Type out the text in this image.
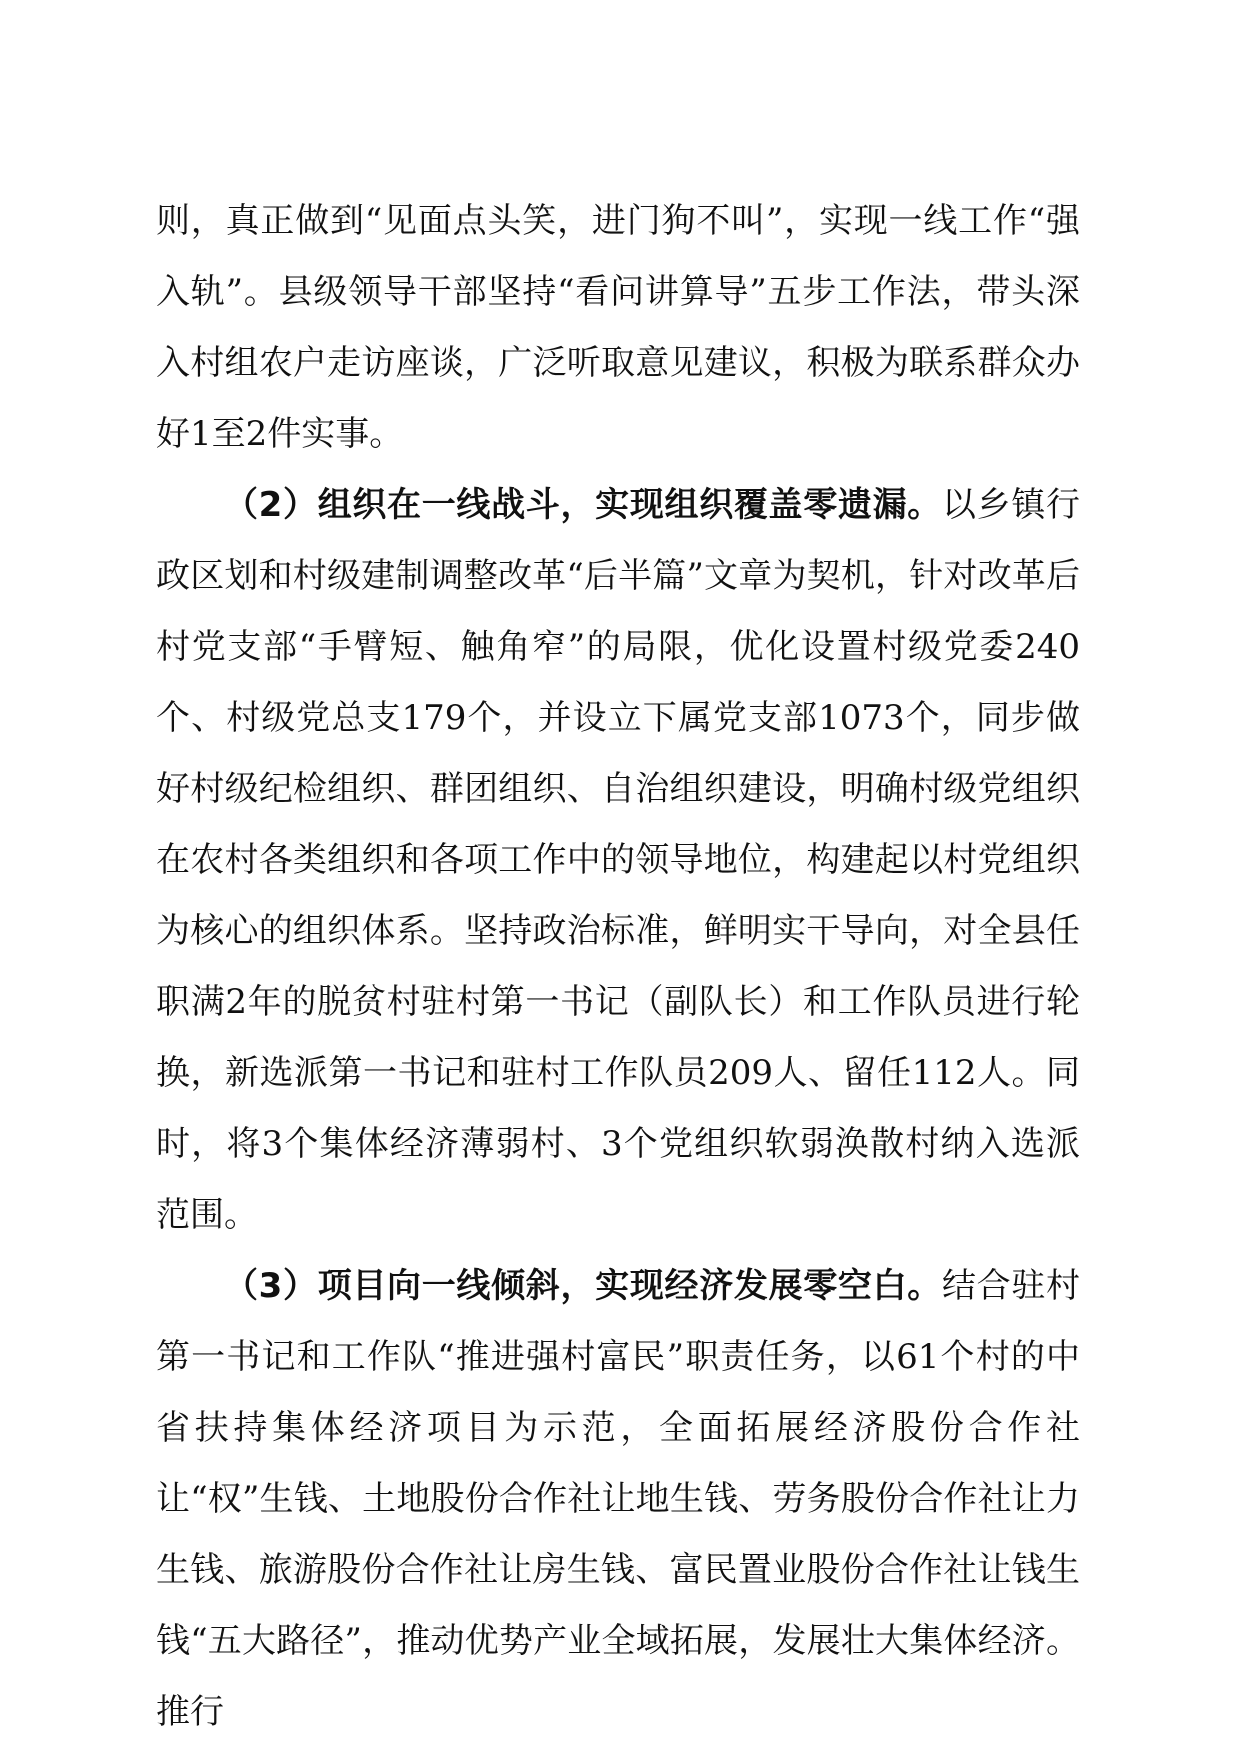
则，真正做到“见面点头笑，进门狗不叫”，实现一线工作“强入轨”。县级领导干部坚持“看问讲算导”五步工作法，带头深入村组农户走访座谈，广泛听取意见建议，积极为联系群众办好1至2件实事。

（2）组织在一线战斗，实现组织覆盖零遗漏。以乡镇行政区划和村级建制调整改革“后半篇”文章为契机，针对改革后村党支部“手臂短、触角窄”的局限，优化设置村级党委240个、村级党总支179个，并设立下属党支部1073个，同步做好村级纪检组织、群团组织、自治组织建设，明确村级党组织在农村各类组织和各项工作中的领导地位，构建起以村党组织为核心的组织体系。坚持政治标准，鲜明实干导向，对全县任职满2年的脱贫村驻村第一书记（副队长）和工作队员进行轮换，新选派第一书记和驻村工作队员209人、留任112人。同时，将3个集体经济薄弱村、3个党组织软弱涣散村纳入选派范围。

（3）项目向一线倾斜，实现经济发展零空白。结合驻村第一书记和工作队“推进强村富民”职责任务，以61个村的中省扶持集体经济项目为示范，全面拓展经济股份合作社让“权”生钱、土地股份合作社让地生钱、劳务股份合作社让力生钱、旅游股份合作社让房生钱、富民置业股份合作社让钱生钱“五大路径”，推动优势产业全域拓展，发展壮大集体经济。推行
